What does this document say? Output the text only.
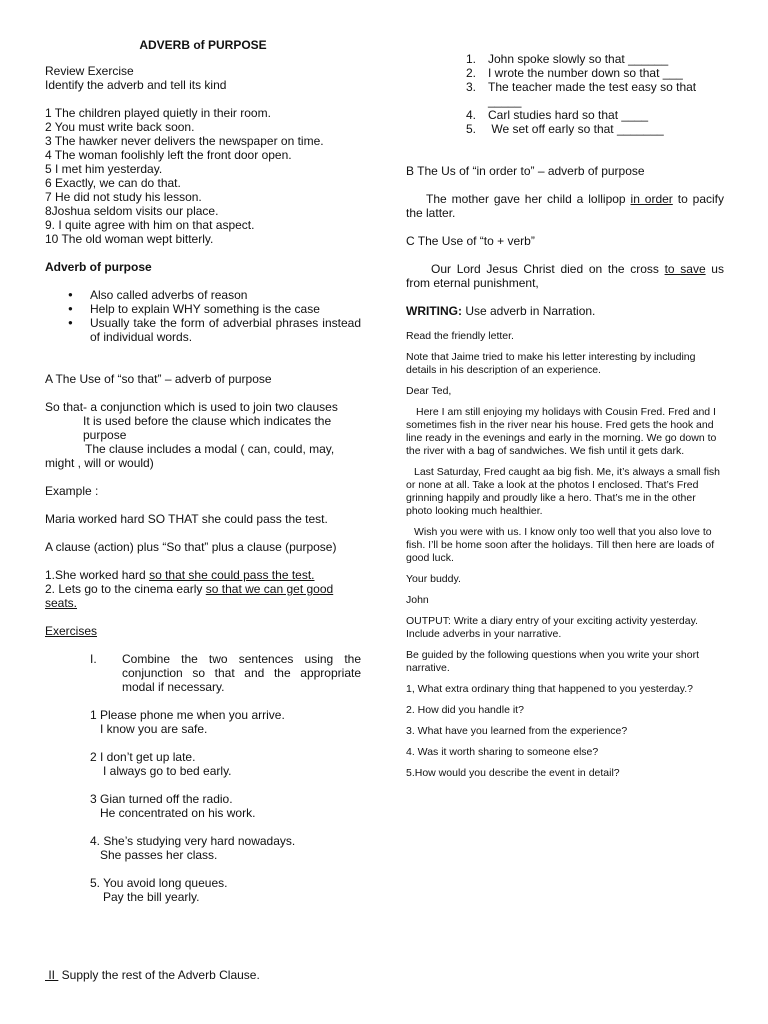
ADVERB of PURPOSE

Review Exercise

Identify the adverb and tell its kind

1 The children played quietly in their room.

2 You must write back soon.

3 The hawker never delivers the newspaper on time.

4 The woman foolishly left the front door open.

5 I met him yesterday.

6 Exactly, we can do that.

7 He did not study his lesson.

8Joshua seldom visits our place.

9. I quite agree with him on that aspect.

10 The old woman wept bitterly.

Adverb of purpose

● Also called adverbs of reason
● Help to explain WHY something is the case
● Usually take the form of adverbial phrases instead of individual words.

A The Use of “so that” – adverb of purpose

So that- a conjunction which is used to join two clauses

It is used before the clause which indicates the purpose

The clause includes a modal ( can, could, may, might , will or would)

Example :

Maria worked hard SO THAT she could pass the test.

A clause (action) plus “So that” plus a clause (purpose)

1.She worked hard so that she could pass the test.

2. Lets go to the cinema early so that we can get good seats.

Exercises

I.	Combine the two sentences using the conjunction so that and the appropriate modal if necessary.

1 Please phone me when you arrive.

I know you are safe.

2 I don’t get up late.

I always go to bed early.

3 Gian turned off the radio.

He concentrated on his work.

4. She’s studying very hard nowadays.

She passes her class.

5. You avoid long queues.

Pay the bill yearly.

1. John spoke slowly so that ______
2. I wrote the number down so that ___
3. The teacher made the test easy so that _____
4. Carl studies hard so that ____
5. We set off early so that _______

B The Us of “in order to” – adverb of purpose

The mother gave her child a lollipop in order to pacify the latter.

C The Use of “to + verb”

Our Lord Jesus Christ died on the cross to save us from eternal punishment,

WRITING: Use adverb in Narration.

Read the friendly letter.

Note that Jaime tried to make his letter interesting by including details in his description of an experience.

Dear Ted,

Here I am still enjoying my holidays with Cousin Fred. Fred and I sometimes fish in the river near his house. Fred gets the hook and line ready in the evenings and early in the morning. We go down to the river with a bag of sandwiches. We fish until it gets dark.

Last Saturday, Fred caught aa big fish. Me, it’s always a small fish or none at all. Take a look at the photos I enclosed. That’s Fred grinning happily and proudly like a hero. That’s me in the other photo looking much healthier.

Wish you were with us. I know only too well that you also love to fish. I’ll be home soon after the holidays. Till then here are loads of good luck.

Your buddy.

John

OUTPUT: Write a diary entry of your exciting activity yesterday. Include adverbs in your narrative.

Be guided by the following questions when you write your short narrative.

1, What extra ordinary thing that happened to you yesterday.?

2. How did you handle it?

3. What have you learned from the experience?

4. Was it worth sharing to someone else?

5.How would you describe the event in detail?

II  Supply the rest of the Adverb Clause.
